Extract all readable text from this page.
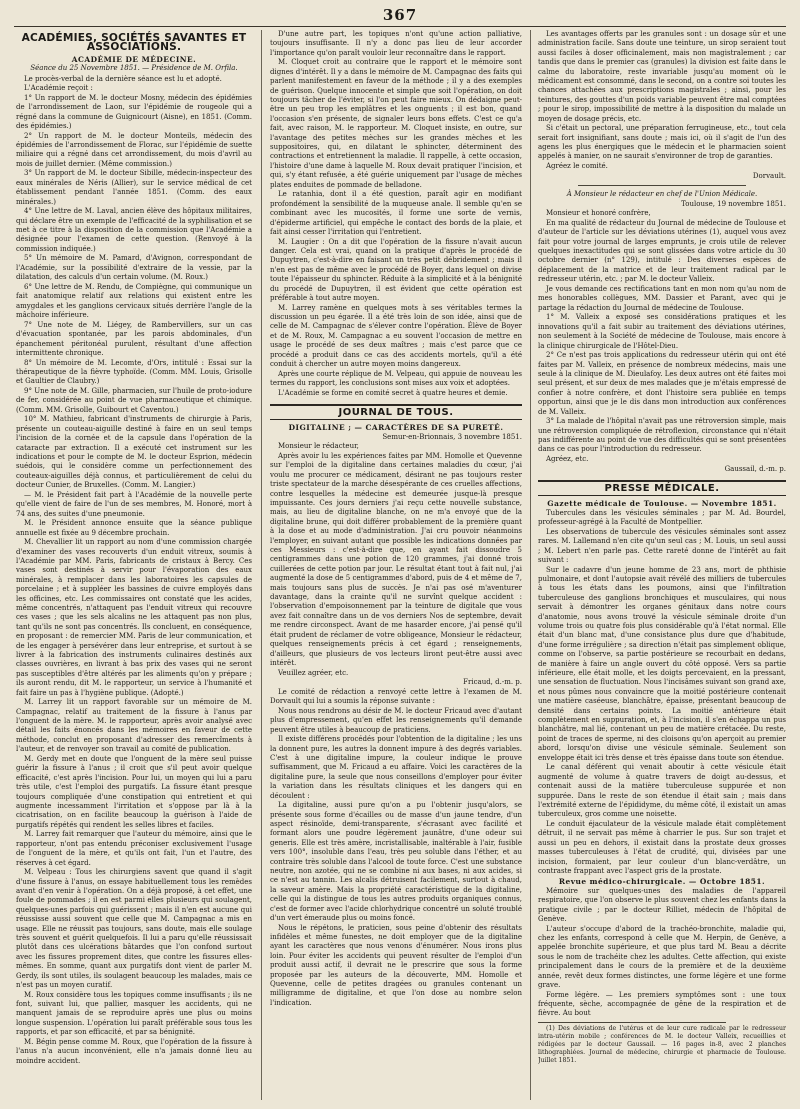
367
ACADÉMIES, SOCIÉTÉS SAVANTES ET ASSOCIATIONS.
ACADÉMIE DE MÉDECINE.
Séance du 25 Novembre 1851. — Présidence de M. Orfila.

Le procès-verbal de la dernière séance est lu et adopté.

L'Académie reçoit :

1° Un rapport de M. le docteur Mosny, médecin des épidémies de l'arrondissement de Laon, sur l'épidémie de rougeole qui a régné dans la commune de Guignicourt (Aisne), en 1851. (Comm. des épidémies.)

2° Un rapport de M. le docteur Monteils, médecin des épidémies de l'arrondissement de Florac, sur l'épidémie de suette miliaire qui a régné dans cet arrondissement, du mois d'avril au mois de juillet dernier. (Même commission.)

3° Un rapport de M. le docteur Sibille, médecin-inspecteur des eaux minérales de Néris (Allier), sur le service médical de cet établissement pendant l'année 1851. (Comm. des eaux minérales.)

4° Une lettre de M. Laval, ancien élève des hôpitaux militaires, qui déclare être un exemple de l'efficacité de la syphilisation et se met à ce titre à la disposition de la commission que l'Académie a désignée pour l'examen de cette question. (Renvoyé à la commission indiquée.)

5° Un mémoire de M. Pamard, d'Avignon, correspondant de l'Académie, sur la possibilité d'extraire de la vessie, par la dilatation, des calculs d'un certain volume. (M. Roux.)

6° Une lettre de M. Rendu, de Compiègne, qui communique un fait anatomique relatif aux relations qui existent entre les amygdales et les ganglions cervicaux situés derrière l'angle de la mâchoire inférieure.

7° Une note de M. Liégey, de Rambervillers, sur un cas d'évacuation spontanée, par les parois abdominales, d'un épanchement péritonéal purulent, résultant d'une affection intermittente chronique.

8° Un mémoire de M. Lecomte, d'Ors, intitulé : Essai sur la thérapeutique de la fièvre typhoïde. (Comm. MM. Louis, Grisolle et Gaultier de Claubry.)

9° Une note de M. Gille, pharmacien, sur l'huile de proto-iodure de fer, considérée au point de vue pharmaceutique et chimique. (Comm. MM. Grisolle, Guibourt et Caventou.)

10° M. Mathieu, fabricant d'instruments de chirurgie à Paris, présente un couteau-aiguille destiné à faire en un seul temps l'incision de la cornée et de la capsule dans l'opération de la cataracte par extraction. Il a exécuté cet instrument sur les indications et pour le compte de M. le docteur Esprion, médecin suédois, qui le considère comme un perfectionnement des couteaux-aiguilles déjà connus, et particulièrement de celui du docteur Cunier, de Bruxelles. (Comm. M. Langier.)

— M. le Président fait part à l'Académie de la nouvelle perte qu'elle vient de faire de l'un de ses membres, M. Honoré, mort à 74 ans, des suites d'une pneumonie.

M. le Président annonce ensuite que la séance publique annuelle est fixée au 9 décembre prochain.

M. Chevallier lit un rapport au nom d'une commission chargée d'examiner des vases recouverts d'un enduit vitreux, soumis à l'Académie par MM. Paris, fabricants de cristaux à Bercy. Ces vases sont destinés à servir pour l'évaporation des eaux minérales, à remplacer dans les laboratoires les capsules de porcelaine ; et à suppléer les bassines de cuivre employés dans les officines, etc. Les commissaires ont constaté que les acides, même concentrés, n'attaquent pas l'enduit vitreux qui recouvre ces vases ; que les sels alcalins ne les attaquent pas non plus, tant qu'ils ne sont pas concentrés. Ils concluent, en conséquence, en proposant : de remercier MM. Paris de leur communication, et de les engager à persévérer dans leur entreprise, et surtout à se livrer à la fabrication des instruments culinaires destinés aux classes ouvrières, en livrant à bas prix des vases qui ne seront pas susceptibles d'être altérés par les aliments qu'on y prépare ; ils auront rendu, dit M. le rapporteur, un service à l'humanité et fait faire un pas à l'hygiène publique. (Adopté.)

M. Larrey lit un rapport favorable sur un mémoire de M. Campagnac, relatif au traitement de la fissure à l'anus par l'onguent de la mère. M. le rapporteur, après avoir analysé avec détail les faits énoncés dans les mémoires en faveur de cette méthode, conclut en proposant d'adresser des remercîments à l'auteur, et de renvoyer son travail au comité de publication.

M. Gerdy met en doute que l'onguent de la mère seul puisse guérir la fissure à l'anus ; il croit que s'il peut avoir quelque efficacité, c'est après l'incision. Pour lui, un moyen qui lui a paru très utile, c'est l'emploi des purgatifs. La fissure étant presque toujours compliquée d'une constipation qui entretient et qui augmente incessamment l'irritation et s'oppose par là à la cicatrisation, on en facilite beaucoup la guérison à l'aide de purgatifs répétés qui rendent les selles libres et faciles.

M. Larrey fait remarquer que l'auteur du mémoire, ainsi que le rapporteur, n'ont pas entendu préconiser exclusivement l'usage de l'onguent de la mère, et qu'ils ont fait, l'un et l'autre, des réserves à cet égard.

M. Velpeau : Tous les chirurgiens savent que quand il s'agit d'une fissure à l'anus, on essaye habituellement tous les remèdes avant d'en venir à l'opération. On a déjà proposé, à cet effet, une foule de pommades ; il en est parmi elles plusieurs qui soulagent, quelques-unes parfois qui guérissent ; mais il n'en est aucune qui réussisse aussi souvent que celle que M. Campagnac a mis en usage. Elle ne réussit pas toujours, sans doute, mais elle soulage très souvent et guérit quelquefois. Il lui a paru qu'elle réussissait plutôt dans ces ulcérations bâtardes que l'on confond surtout avec les fissures proprement dites, que contre les fissures elles-mêmes. En somme, quant aux purgatifs dont vient de parler M. Gerdy, ils sont utiles, ils soulagent beaucoup les malades, mais ce n'est pas un moyen curatif.

M. Roux considère tous les topiques comme insuffisants ; ils ne font, suivant lui, que pallier, masquer les accidents, qui ne manquent jamais de se reproduire après une plus ou moins longue suspension. L'opération lui paraît préférable sous tous les rapports, et par son efficacité, et par sa bénignité.

M. Bégin pense comme M. Roux, que l'opération de la fissure à l'anus n'a aucun inconvénient, elle n'a jamais donné lieu au moindre accident.

D'une autre part, les topiques n'ont qu'une action palliative, toujours insuffisante. Il n'y a donc pas lieu de leur accorder l'importance qu'on paraît vouloir leur reconnaître dans le rapport.

M. Cloquet croit au contraire que le rapport et le mémoire sont dignes d'intérêt. Il y a dans le mémoire de M. Campagnac des faits qui parlent manifestement en faveur de la méthode ; il y a des exemples de guérison. Quelque innocente et simple que soit l'opération, on doit toujours tâcher de l'éviter, si l'on peut faire mieux. On dédaigne peut-être un peu trop les emplâtres et les onguents ; il est bon, quand l'occasion s'en présente, de signaler leurs bons effets. C'est ce qu'a fait, avec raison, M. le rapporteur. M. Cloquet insiste, en outre, sur l'avantage des petites mèches sur les grandes mèches et les suppositoires, qui, en dilatant le sphincter, déterminent des contractions et entretiennent la maladie. Il rappelle, à cette occasion, l'histoire d'une dame à laquelle M. Roux devait pratiquer l'incision, et qui, s'y étant refusée, a été guérie uniquement par l'usage de mèches plates enduites de pommade de belladone.

Le ratanhia, dont il a été question, paraît agir en modifiant profondément la sensibilité de la muqueuse anale. Il semble qu'en se combinant avec les mucosités, il forme une sorte de vernis, d'épiderme artificiel, qui empêche le contact des bords de la plaie, et fait ainsi cesser l'irritation qui l'entretient.

M. Laugier : On a dit que l'opération de la fissure n'avait aucun danger. Cela est vrai, quand on la pratique d'après le procédé de Dupuytren, c'est-à-dire en faisant un très petit débridement ; mais il n'en est pas de même avec le procédé de Boyer, dans lequel on divise toute l'épaisseur du sphincter. Réduite à la simplicité et à la bénignité du procédé de Dupuytren, il est évident que cette opération est préférable à tout autre moyen.

M. Larrey ramène en quelques mots à ses véritables termes la discussion un peu égarée. Il a été très loin de son idée, ainsi que de celle de M. Campagnac de s'élever contre l'opération. Élève de Boyer et de M. Roux, M. Campagnac a eu souvent l'occasion de mettre en usage le procédé de ses deux maîtres ; mais c'est parce que ce procédé a produit dans ce cas des accidents mortels, qu'il a été conduit à chercher un autre moyen moins dangereux.

Après une courte réplique de M. Velpeau, qui appuie de nouveau les termes du rapport, les conclusions sont mises aux voix et adoptées.

L'Académie se forme en comité secret à quatre heures et demie.

JOURNAL DE TOUS.
DIGITALINE ; — CARACTÈRES DE SA PURETÉ.

Semur-en-Brionnais, 3 novembre 1851.

Monsieur le rédacteur,

Après avoir lu les expériences faites par MM. Homolle et Quevenne sur l'emploi de la digitaline dans certaines maladies du cœur, j'ai voulu me procurer ce médicament, désirant ne pas toujours rester triste spectateur de la marche désespérante de ces cruelles affections, contre lesquelles la médecine est demeurée jusque-là presque impuissante. Ces jours derniers j'ai reçu cette nouvelle substance, mais, au lieu de digitaline blanche, on ne m'a envoyé que de la digitaline brune, qui doit différer probablement de la première quant à la dose et au mode d'administration. J'ai cru pouvoir néanmoins l'employer, en suivant autant que possible les indications données par ces Messieurs : c'est-à-dire que, en ayant fait dissoudre 5 centigrammes dans une potion de 120 grammes, j'ai donné trois cuillerées de cette potion par jour. Le résultat étant tout à fait nul, j'ai augmenté la dose de 5 centigrammes d'abord, puis de 4 et même de 7, mais toujours sans plus de succès. Je n'ai pas osé m'aventurer davantage, dans la crainte qu'il ne survînt quelque accident : l'observation d'empoisonnement par la teinture de digitale que vous avez fait connaître dans un de vos derniers Nos de septembre, devait me rendre circonspect. Avant de me hasarder encore, j'ai pensé qu'il était prudent de réclamer de votre obligeance, Monsieur le rédacteur, quelques renseignements précis à cet égard ; renseignements, d'ailleurs, que plusieurs de vos lecteurs liront peut-être aussi avec intérêt.

Veuillez agréer, etc.

Fricaud, d.-m. p.

Le comité de rédaction a renvoyé cette lettre à l'examen de M. Dorvault qui lui a soumis la réponse suivante :

Nous nous rendrons au désir de M. le docteur Fricaud avec d'autant plus d'empressement, qu'en effet les renseignements qu'il demande peuvent être utiles à beaucoup de praticiens.

Il existe différens procédés pour l'obtention de la digitaline ; les uns la donnent pure, les autres la donnent impure à des degrés variables. C'est à une digitaline impure, la couleur indique le prouve suffisamment, que M. Fricaud a eu affaire. Voici les caractères de la digitaline pure, la seule que nous conseillons d'employer pour éviter la variation dans les résultats cliniques et les dangers qui en découlent :

La digitaline, aussi pure qu'on a pu l'obtenir jusqu'alors, se présente sous forme d'écailles ou de masse d'un jaune tendre, d'un aspect résinoïde, demi-transparente, s'écrasant avec facilité et formant alors une poudre légèrement jaunâtre, d'une odeur sui generis. Elle est très amère, incristallisable, inaltérable à l'air, fusible vers 100°, insoluble dans l'eau, très peu soluble dans l'éther, et au contraire très soluble dans l'alcool de toute force. C'est une substance neutre, non azotée, qui ne se combine ni aux bases, ni aux acides, si ce n'est au tannin. Les alcalis détruisent facilement, surtout à chaud, la saveur amère. Mais la propriété caractéristique de la digitaline, celle qui la distingue de tous les autres produits organiques connus, c'est de former avec l'acide chlorhydrique concentré un soluté troublé d'un vert émeraude plus ou moins foncé.

Nous le répétons, le praticien, sous peine d'obtenir des résultats infidèles et même funestes, ne doit employer que de la digitaline ayant les caractères que nous venons d'énumérer. Nous irons plus loin. Pour éviter les accidents qui peuvent résulter de l'emploi d'un produit aussi actif, il devrait ne le prescrire que sous la forme proposée par les auteurs de la découverte, MM. Homolle et Quevenne, celle de petites dragées ou granules contenant un milligramme de digitaline, et que l'on dose au nombre selon l'indication.

Les avantages offerts par les granules sont : un dosage sûr et une administration facile. Sans doute une teinture, un sirop seraient tout aussi faciles à doser officinalement, mais non magistralement ; car tandis que dans le premier cas (granules) la division est faite dans le calme du laboratoire, reste invariable jusqu'au moment où le médicament est consommé, dans le second, on a contre soi toutes les chances attachées aux prescriptions magistrales ; ainsi, pour les teintures, des gouttes d'un poids variable peuvent être mal comptées ; pour le sirop, impossibilité de mettre à la disposition du malade un moyen de dosage précis, etc.

Si c'était un pectoral, une préparation ferrugineuse, etc., tout cela serait fort insignifiant, sans doute ; mais ici, où il s'agit de l'un des agens les plus énergiques que le médecin et le pharmacien soient appelés à manier, on ne saurait s'environner de trop de garanties.

Agréez le comité.

Dorvault.

À Monsieur le rédacteur en chef de l'Union Médicale.

Toulouse, 19 novembre 1851.

Monsieur et honoré confrère,

En ma qualité de rédacteur du Journal de médecine de Toulouse et d'auteur de l'article sur les déviations utérines (1), auquel vous avez fait pour votre journal de larges emprunts, je crois utile de relever quelques inexactitudes qui se sont glissées dans votre article du 30 octobre dernier (n° 129), intitulé : Des diverses espèces de déplacement de la matrice et de leur traitement radical par le redresseur utérin, etc. ; par M. le docteur Valleix.

Je vous demande ces rectifications tant en mon nom qu'au nom de mes honorables collègues, MM. Dassier et Parant, avec qui je partage la rédaction du Journal de médecine de Toulouse.

1° M. Valleix a exposé ses considérations pratiques et les innovations qu'il a fait subir au traitement des déviations utérines, non seulement à la Société de médecine de Toulouse, mais encore à la clinique chirurgicale de l'Hôtel-Dieu.

2° Ce n'est pas trois applications du redresseur utérin qui ont été faites par M. Valleix, en présence de nombreux médecins, mais une seule à la clinique de M. Dieulafoy. Les deux autres ont été faites moi seul présent, et sur deux de mes malades que je m'étais empressé de confier à notre confrère, et dont l'histoire sera publiée en temps opportun, ainsi que je le dis dans mon introduction aux conférences de M. Valleix.

3° La malade de l'hôpital n'avait pas une rétroversion simple, mais une rétroversion compliquée de rétroflexion, circonstance qui n'était pas indifférente au point de vue des difficultés qui se sont présentées dans ce cas pour l'introduction du redresseur.

Agréez, etc.

Gaussail, d.-m. p.

PRESSE MÉDICALE.
Gazette médicale de Toulouse. — Novembre 1851.

Tubercules dans les vésicules séminales ; par M. Ad. Bourdel, professeur-agrégé à la Faculté de Montpellier.

Les observations de tubercule des vésicules séminales sont assez rares. M. Lallemand n'en cite qu'un seul cas ; M. Louis, un seul aussi ; M. Lebert n'en parle pas. Cette rareté donne de l'intérêt au fait suivant :

Sur le cadavre d'un jeune homme de 23 ans, mort de phthisie pulmonaire, et dont l'autopsie avait révélé des milliers de tubercules à tous les états dans les poumons, ainsi que l'infiltration tuberculeuse des ganglions bronchiques et musculaires, qui nous servait à démontrer les organes génitaux dans notre cours d'anatomie, nous avons trouvé la vésicule séminale droite d'un volume trois ou quatre fois plus considérable qu'à l'état normal. Elle était d'un blanc mat, d'une consistance plus dure que d'habitude, d'une forme irrégulière ; sa direction n'était pas simplement oblique, comme on l'observe, sa partie postérieure se recourbait en dedans, de manière à faire un angle ouvert du côté opposé. Vers sa partie inférieure, elle était molle, et les doigts percevaient, en la pressant, une sensation de fluctuation. Nous l'incisâmes suivant son grand axe, et nous pûmes nous convaincre que la moitié postérieure contenait une matière caséeuse, blanchâtre, épaisse, présentant beaucoup de densité dans certains points. La moitié antérieure était complètement en suppuration, et, à l'incision, il s'en échappa un pus blanchâtre, mal lié, contenant un peu de matière crétacée. Du reste, point de traces de sperme, ni des cloisons qu'on aperçoit au premier abord, lorsqu'on divise une vésicule séminale. Seulement son enveloppe était ici très dense et très épaisse dans toute son étendue.

Le canal déférent qui venait aboutir à cette vésicule était augmenté de volume à quatre travers de doigt au-dessus, et contenait aussi de la matière tuberculeuse suppurée et non suppurée. Dans le reste de son étendue il était sain ; mais dans l'extrémité externe de l'épididyme, du même côté, il existait un amas tuberculeux, gros comme une noisette.

Le conduit éjaculateur de la vésicule malade était complètement détruit, il ne servait pas même à charrier le pus. Sur son trajet et aussi un peu en dehors, il existait dans la prostate deux grosses masses tuberculeuses à l'état de crudité, qui, divisées par une incision, formaient, par leur couleur d'un blanc-verdâtre, un contraste frappant avec l'aspect gris de la prostate.

Revue médico-chirurgicale. — Octobre 1851.

Mémoire sur quelques-unes des maladies de l'appareil respiratoire, que l'on observe le plus souvent chez les enfants dans la pratique civile ; par le docteur Rilliet, médecin de l'hôpital de Genève.

L'auteur s'occupe d'abord de la trachéo-bronchite, maladie qui, chez les enfants, correspond à celle que M. Herpin, de Genève, a appelée bronchite supérieure, et que plus tard M. Beau a décrite sous le nom de trachéite chez les adultes. Cette affection, qui existe principalement dans le cours de la première et de la deuxième année, revêt deux formes distinctes, une forme légère et une forme grave.

Forme légère. — Les premiers symptômes sont : une toux fréquente, sèche, accompagnée de gêne de la respiration et de fièvre. Au bout

(1) Des déviations de l'utérus et de leur cure radicale par le redresseur intra-utérin mobile ; conférences de M. le docteur Valleix, recueillies et rédigées par le docteur Gaussail. — 16 pages in-8, avec 2 planches lithographiées. Journal de médecine, chirurgie et pharmacie de Toulouse. Juillet 1851.
